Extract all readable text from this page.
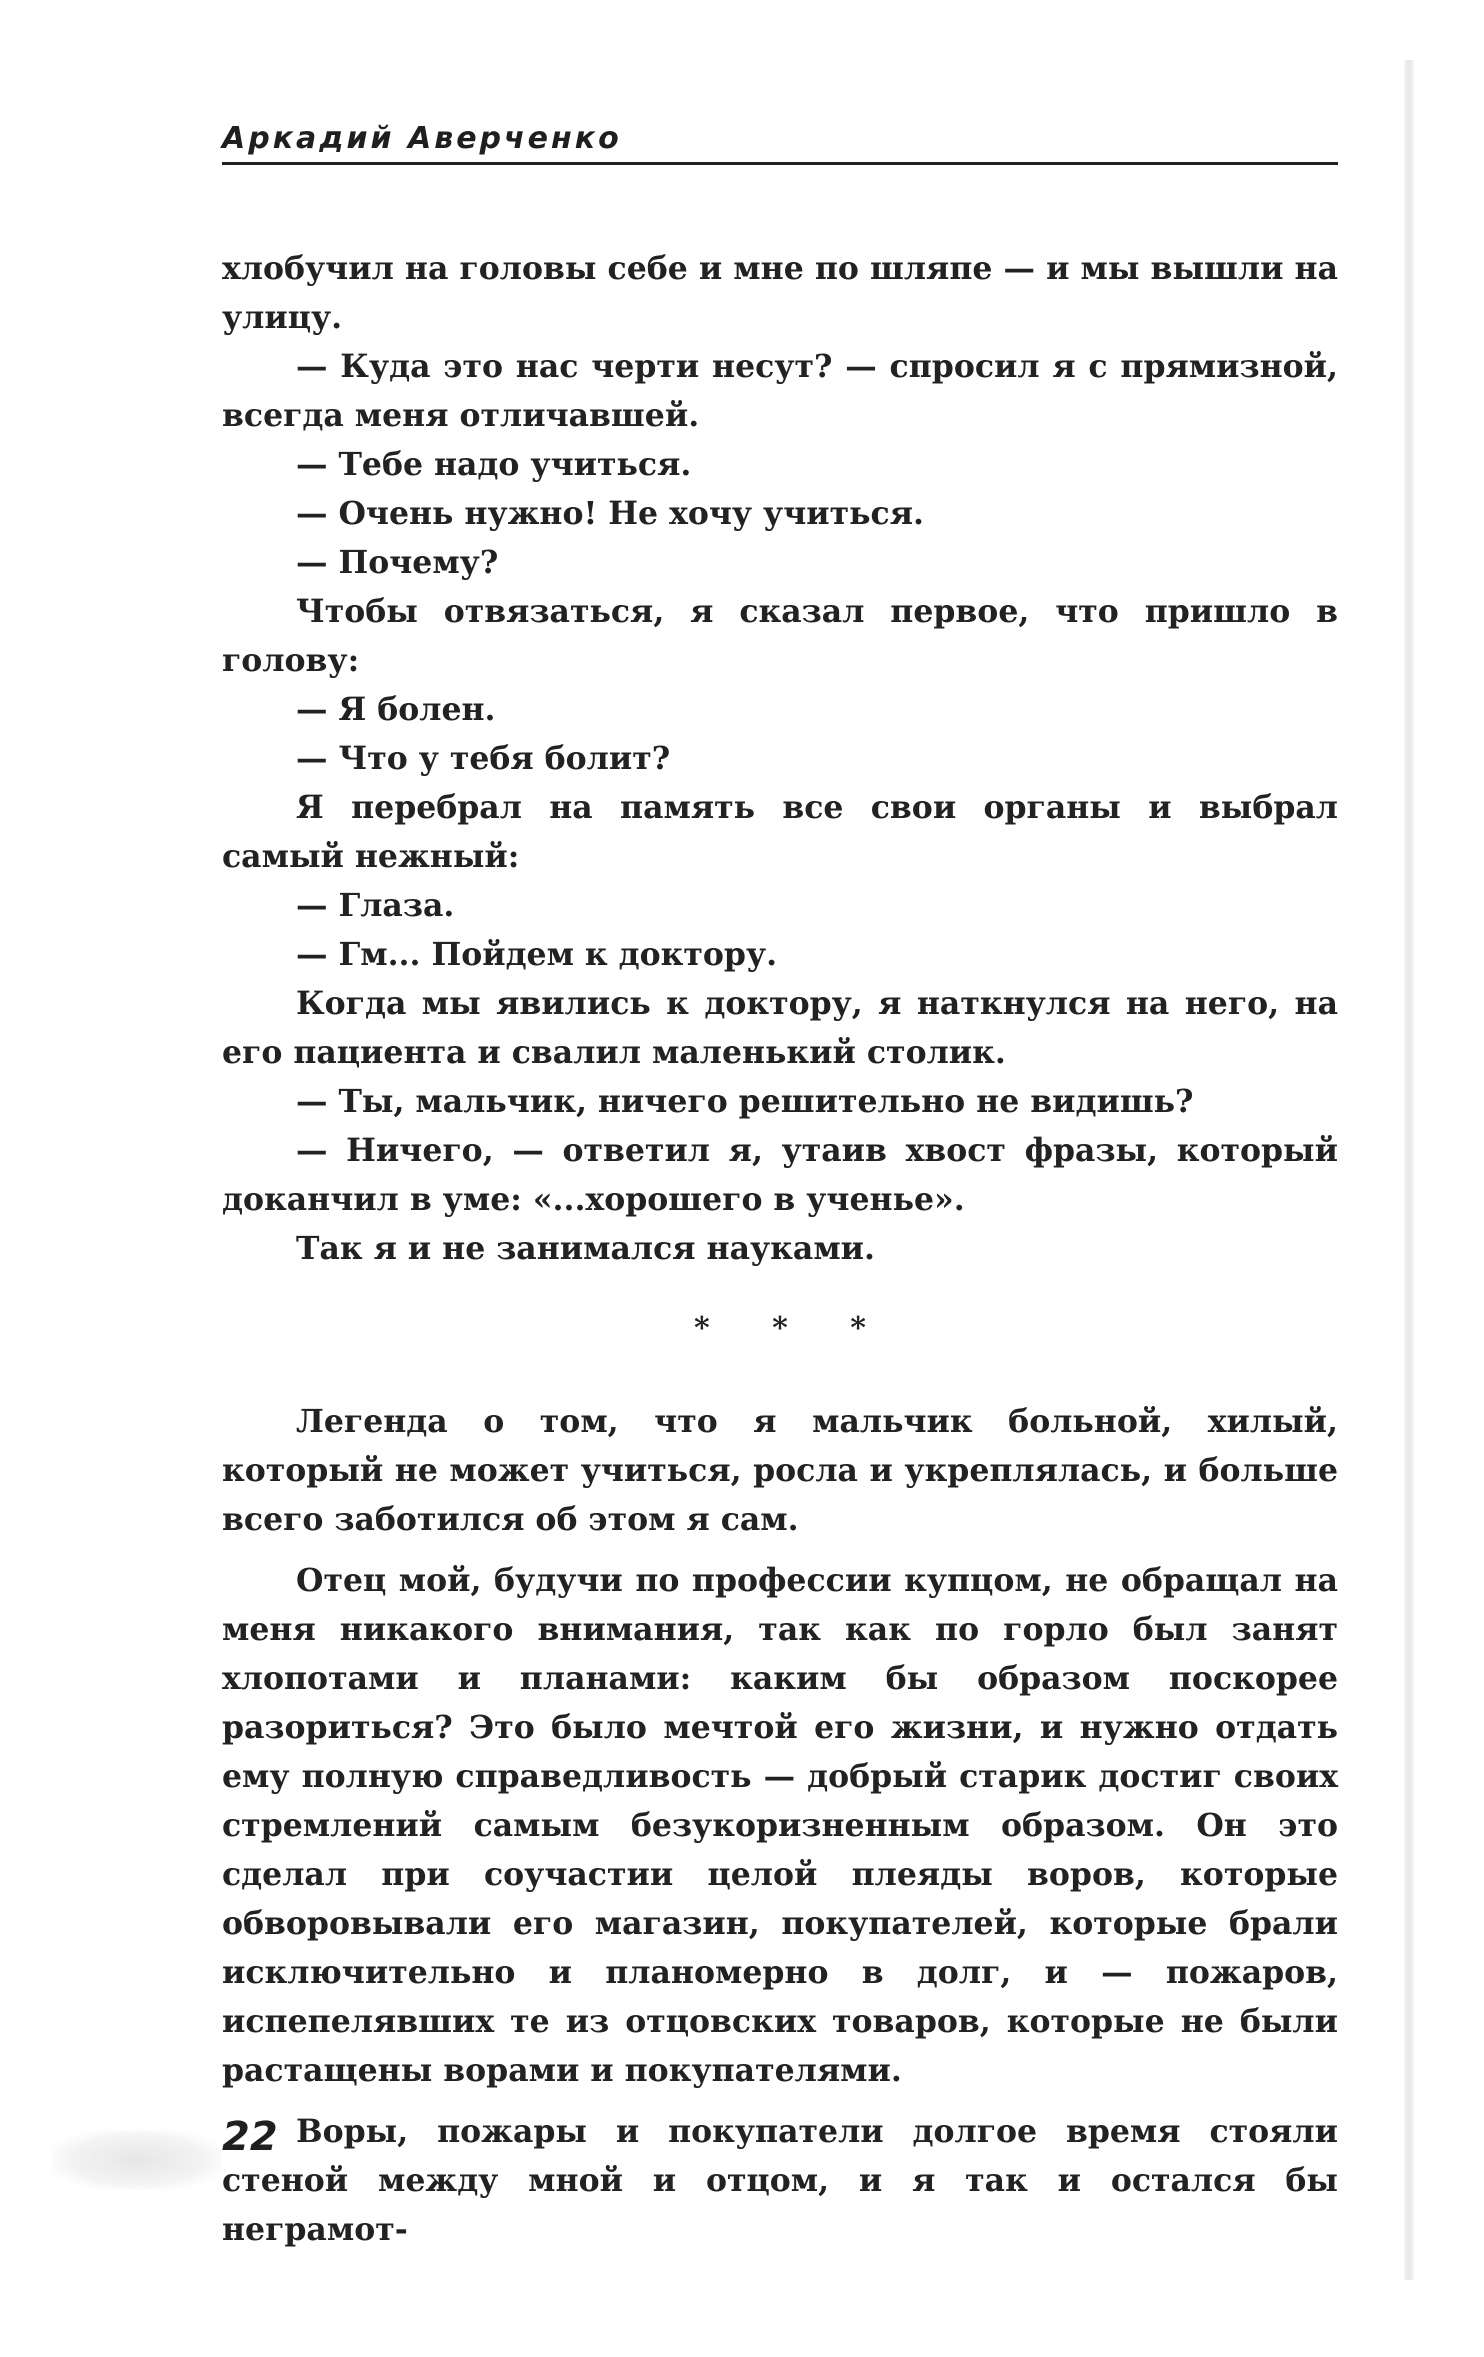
Аркадий Аверченко

хлобучил на головы себе и мне по шляпе — и мы вышли на улицу.

— Куда это нас черти несут? — спросил я с прямизной, всегда меня отличавшей.

— Тебе надо учиться.

— Очень нужно! Не хочу учиться.

— Почему?

Чтобы отвязаться, я сказал первое, что пришло в голову:

— Я болен.

— Что у тебя болит?

Я перебрал на память все свои органы и выбрал самый нежный:

— Глаза.

— Гм... Пойдем к доктору.

Когда мы явились к доктору, я наткнулся на него, на его пациента и свалил маленький столик.

— Ты, мальчик, ничего решительно не видишь?

— Ничего, — ответил я, утаив хвост фразы, который доканчил в уме: «...хорошего в ученье».

Так я и не занимался науками.

* * *

Легенда о том, что я мальчик больной, хилый, который не может учиться, росла и укреплялась, и больше всего заботился об этом я сам.

Отец мой, будучи по профессии купцом, не обращал на меня никакого внимания, так как по горло был занят хлопотами и планами: каким бы образом поскорее разориться? Это было мечтой его жизни, и нужно отдать ему полную справедливость — добрый старик достиг своих стремлений самым безукоризненным образом. Он это сделал при соучастии целой плеяды воров, которые обворовывали его магазин, покупателей, которые брали исключительно и планомерно в долг, и — пожаров, испепелявших те из отцовских товаров, которые не были растащены ворами и покупателями.

Воры, пожары и покупатели долгое время стояли стеной между мной и отцом, и я так и остался бы неграмот-

22
